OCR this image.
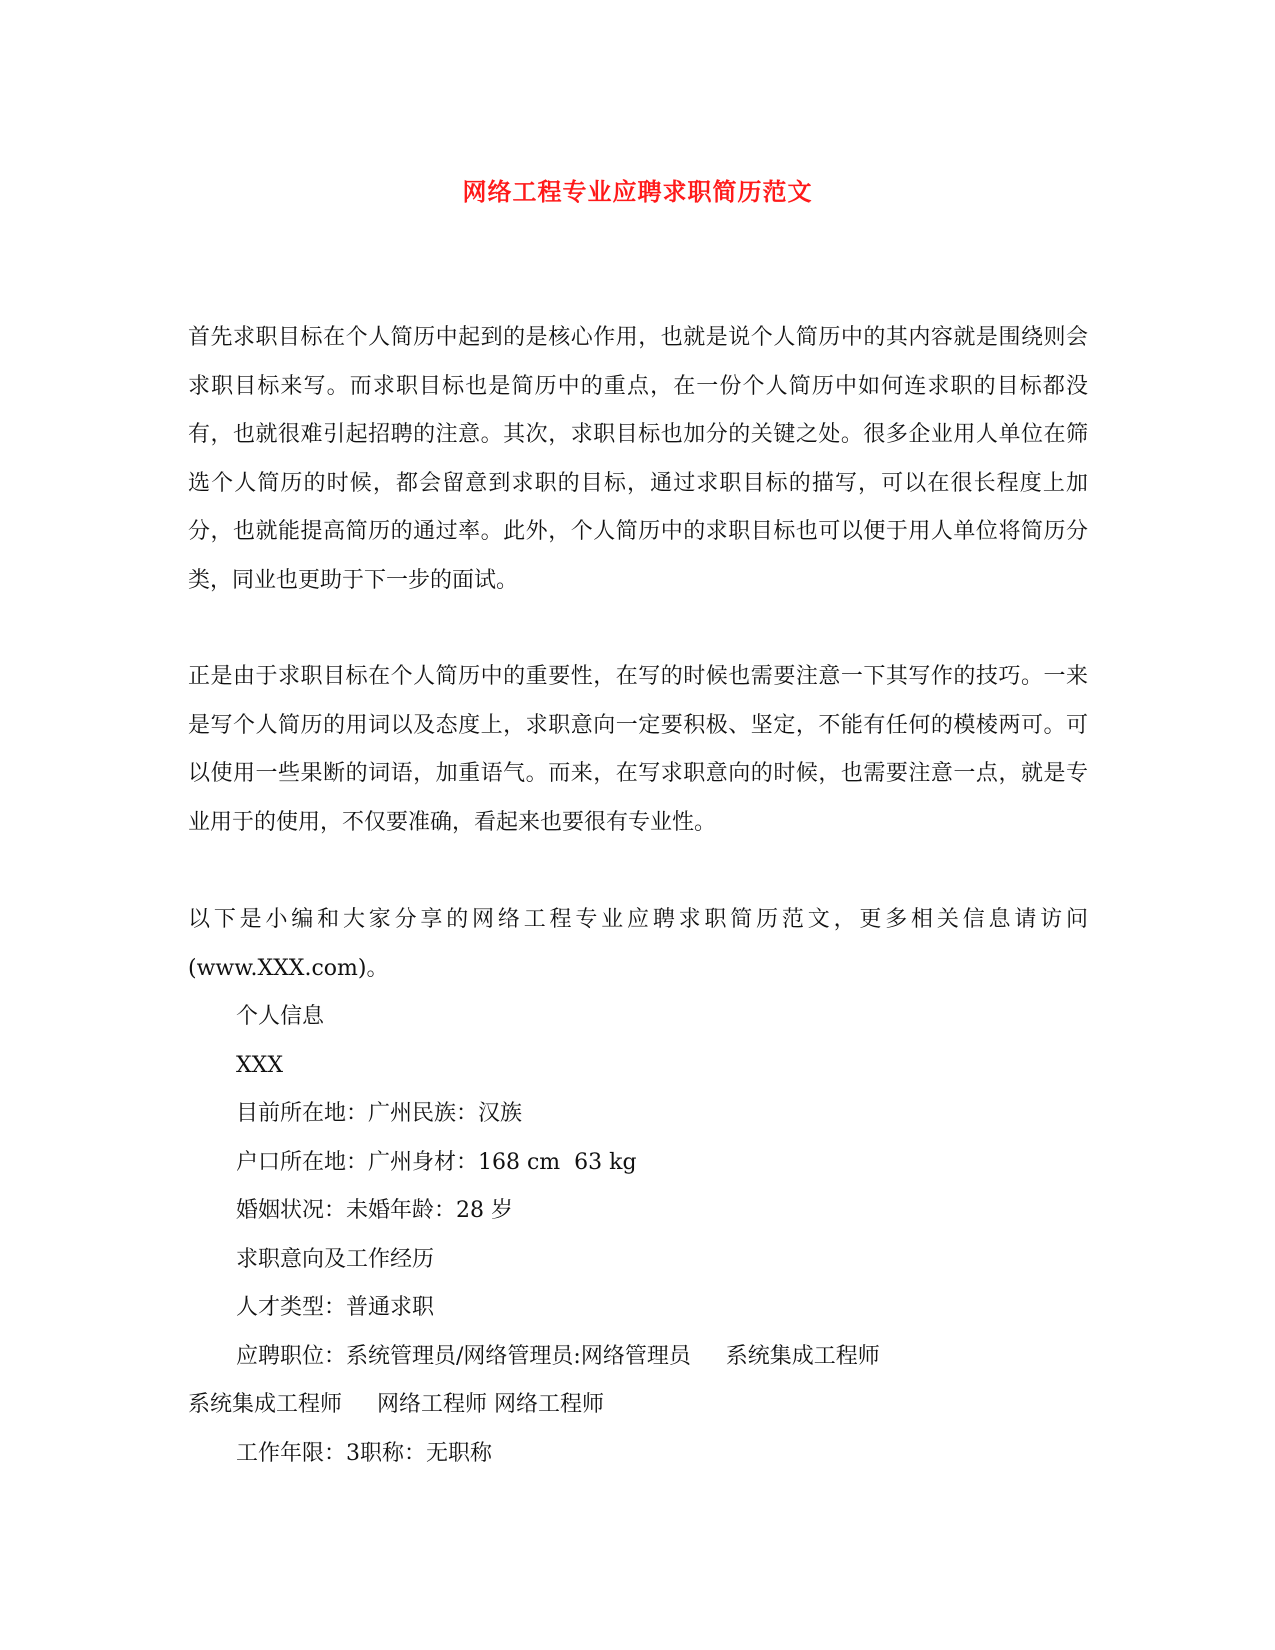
网络工程专业应聘求职简历范文
首先求职目标在个人简历中起到的是核心作用，也就是说个人简历中的其内容就是围绕则会求职目标来写。而求职目标也是简历中的重点，在一份个人简历中如何连求职的目标都没有，也就很难引起招聘的注意。其次，求职目标也加分的关键之处。很多企业用人单位在筛选个人简历的时候，都会留意到求职的目标，通过求职目标的描写，可以在很长程度上加分，也就能提高简历的通过率。此外，个人简历中的求职目标也可以便于用人单位将简历分类，同业也更助于下一步的面试。
正是由于求职目标在个人简历中的重要性，在写的时候也需要注意一下其写作的技巧。一来是写个人简历的用词以及态度上，求职意向一定要积极、坚定，不能有任何的模棱两可。可以使用一些果断的词语，加重语气。而来，在写求职意向的时候，也需要注意一点，就是专业用于的使用，不仅要准确，看起来也要很有专业性。
以下是小编和大家分享的网络工程专业应聘求职简历范文，更多相关信息请访问(www.XXX.com)。
个人信息
XXX
目前所在地：广州民族：汉族
户口所在地：广州身材：168 cm  63 kg
婚姻状况：未婚年龄：28 岁
求职意向及工作经历
人才类型：普通求职
应聘职位：系统管理员/网络管理员:网络管理员     系统集成工程师
系统集成工程师     网络工程师 网络工程师
工作年限：3职称：无职称
